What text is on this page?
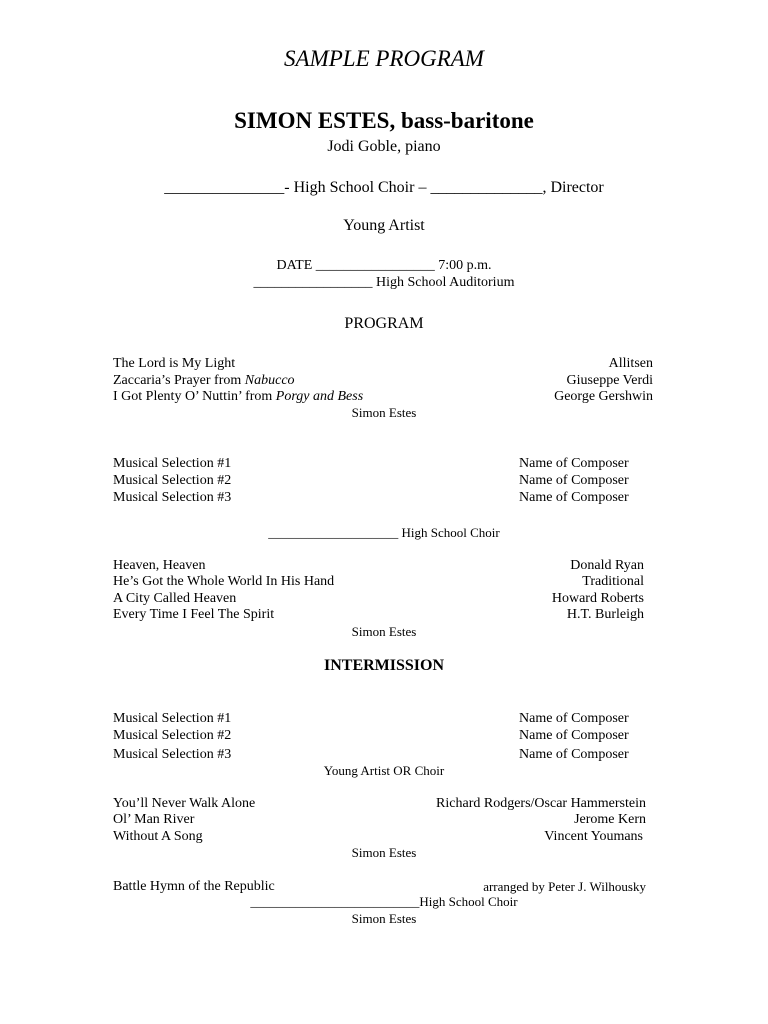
SAMPLE PROGRAM
SIMON ESTES, bass-baritone
Jodi Goble, piano
_______________- High School Choir – ______________, Director
Young Artist
DATE _________________ 7:00 p.m.
_________________ High School Auditorium
PROGRAM
The Lord is My Light	Allitsen
Zaccaria’s Prayer from Nabucco	Giuseppe Verdi
I Got Plenty O’ Nuttin’ from Porgy and Bess	George Gershwin
Simon Estes
Musical Selection #1	Name of Composer
Musical Selection #2	Name of Composer
Musical Selection #3	Name of Composer
____________________ High School Choir
Heaven, Heaven	Donald Ryan
He’s Got the Whole World In His Hand	Traditional
A City Called Heaven	Howard Roberts
Every Time I Feel The Spirit	H.T. Burleigh
Simon Estes
INTERMISSION
Musical Selection #1	Name of Composer
Musical Selection #2	Name of Composer
Musical Selection #3	Name of Composer
Young Artist OR Choir
You’ll Never Walk Alone	Richard Rodgers/Oscar Hammerstein
Ol’ Man River	Jerome Kern
Without A Song	Vincent Youmans
Simon Estes
Battle Hymn of the Republic	arranged by Peter J. Wilhousky
__________________________High School Choir
Simon Estes
